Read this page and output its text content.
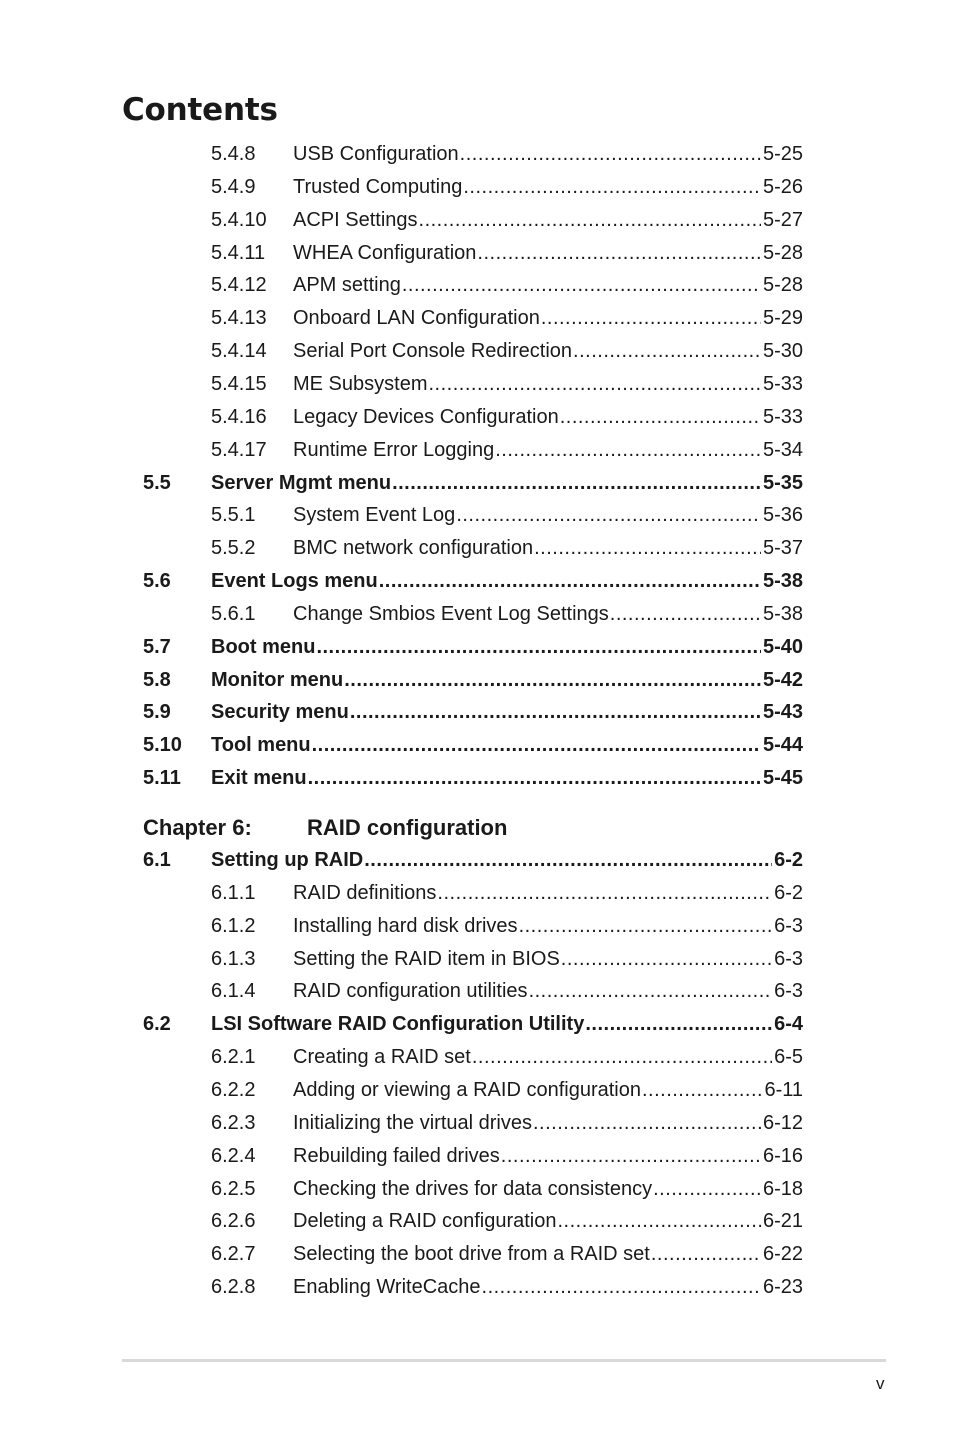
Contents
5.4.8	USB Configuration .....	5-25
5.4.9	Trusted Computing .....	5-26
5.4.10	ACPI Settings .....	5-27
5.4.11	WHEA Configuration .....	5-28
5.4.12	APM setting .....	5-28
5.4.13	Onboard LAN Configuration .....	5-29
5.4.14	Serial Port Console Redirection .....	5-30
5.4.15	ME Subsystem .....	5-33
5.4.16	Legacy Devices Configuration .....	5-33
5.4.17	Runtime Error Logging .....	5-34
5.5	Server Mgmt menu .....	5-35
5.5.1	System Event Log .....	5-36
5.5.2	BMC network configuration .....	5-37
5.6	Event Logs menu .....	5-38
5.6.1	Change Smbios Event Log Settings .....	5-38
5.7	Boot menu .....	5-40
5.8	Monitor menu .....	5-42
5.9	Security menu .....	5-43
5.10	Tool menu .....	5-44
5.11	Exit menu .....	5-45
6.1	Setting up RAID .....	6-2
6.1.1	RAID definitions .....	6-2
6.1.2	Installing hard disk drives .....	6-3
6.1.3	Setting the RAID item in BIOS .....	6-3
6.1.4	RAID configuration utilities .....	6-3
6.2	LSI Software RAID Configuration Utility .....	6-4
6.2.1	Creating a RAID set .....	6-5
6.2.2	Adding or viewing a RAID configuration .....	6-11
6.2.3	Initializing the virtual drives .....	6-12
6.2.4	Rebuilding failed drives .....	6-16
6.2.5	Checking the drives for data consistency .....	6-18
6.2.6	Deleting a RAID configuration .....	6-21
6.2.7	Selecting the boot drive from a RAID set .....	6-22
6.2.8	Enabling WriteCache .....	6-23
Chapter 6:	RAID configuration
v
